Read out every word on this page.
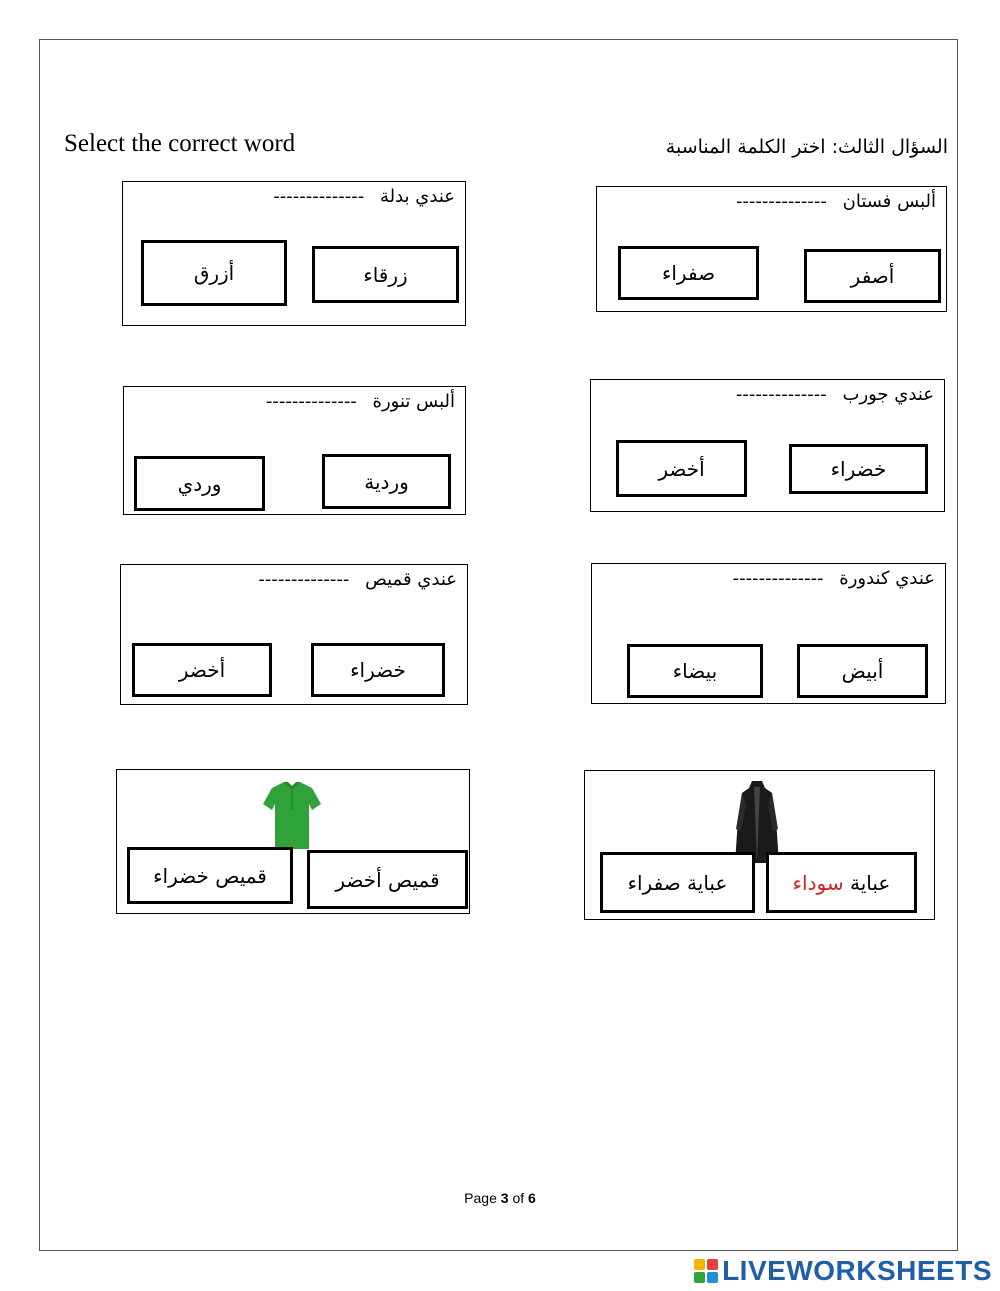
Select the correct word	السؤال الثالث: اختر الكلمة المناسبة
ألبس فستان --------------
أصفر
صفراء
عندي بدلة --------------
زرقاء
أزرق
عندي جورب --------------
خضراء
أخضر
ألبس تنورة --------------
وردية
وردي
عندي كندورة --------------
أبيض
بيضاء
عندي قميص --------------
خضراء
أخضر
عباية

سوداء
عباية صفراء
قميص أخضر
قميص خضراء
Page 3 of 6
LIVEWORKSHEETS
